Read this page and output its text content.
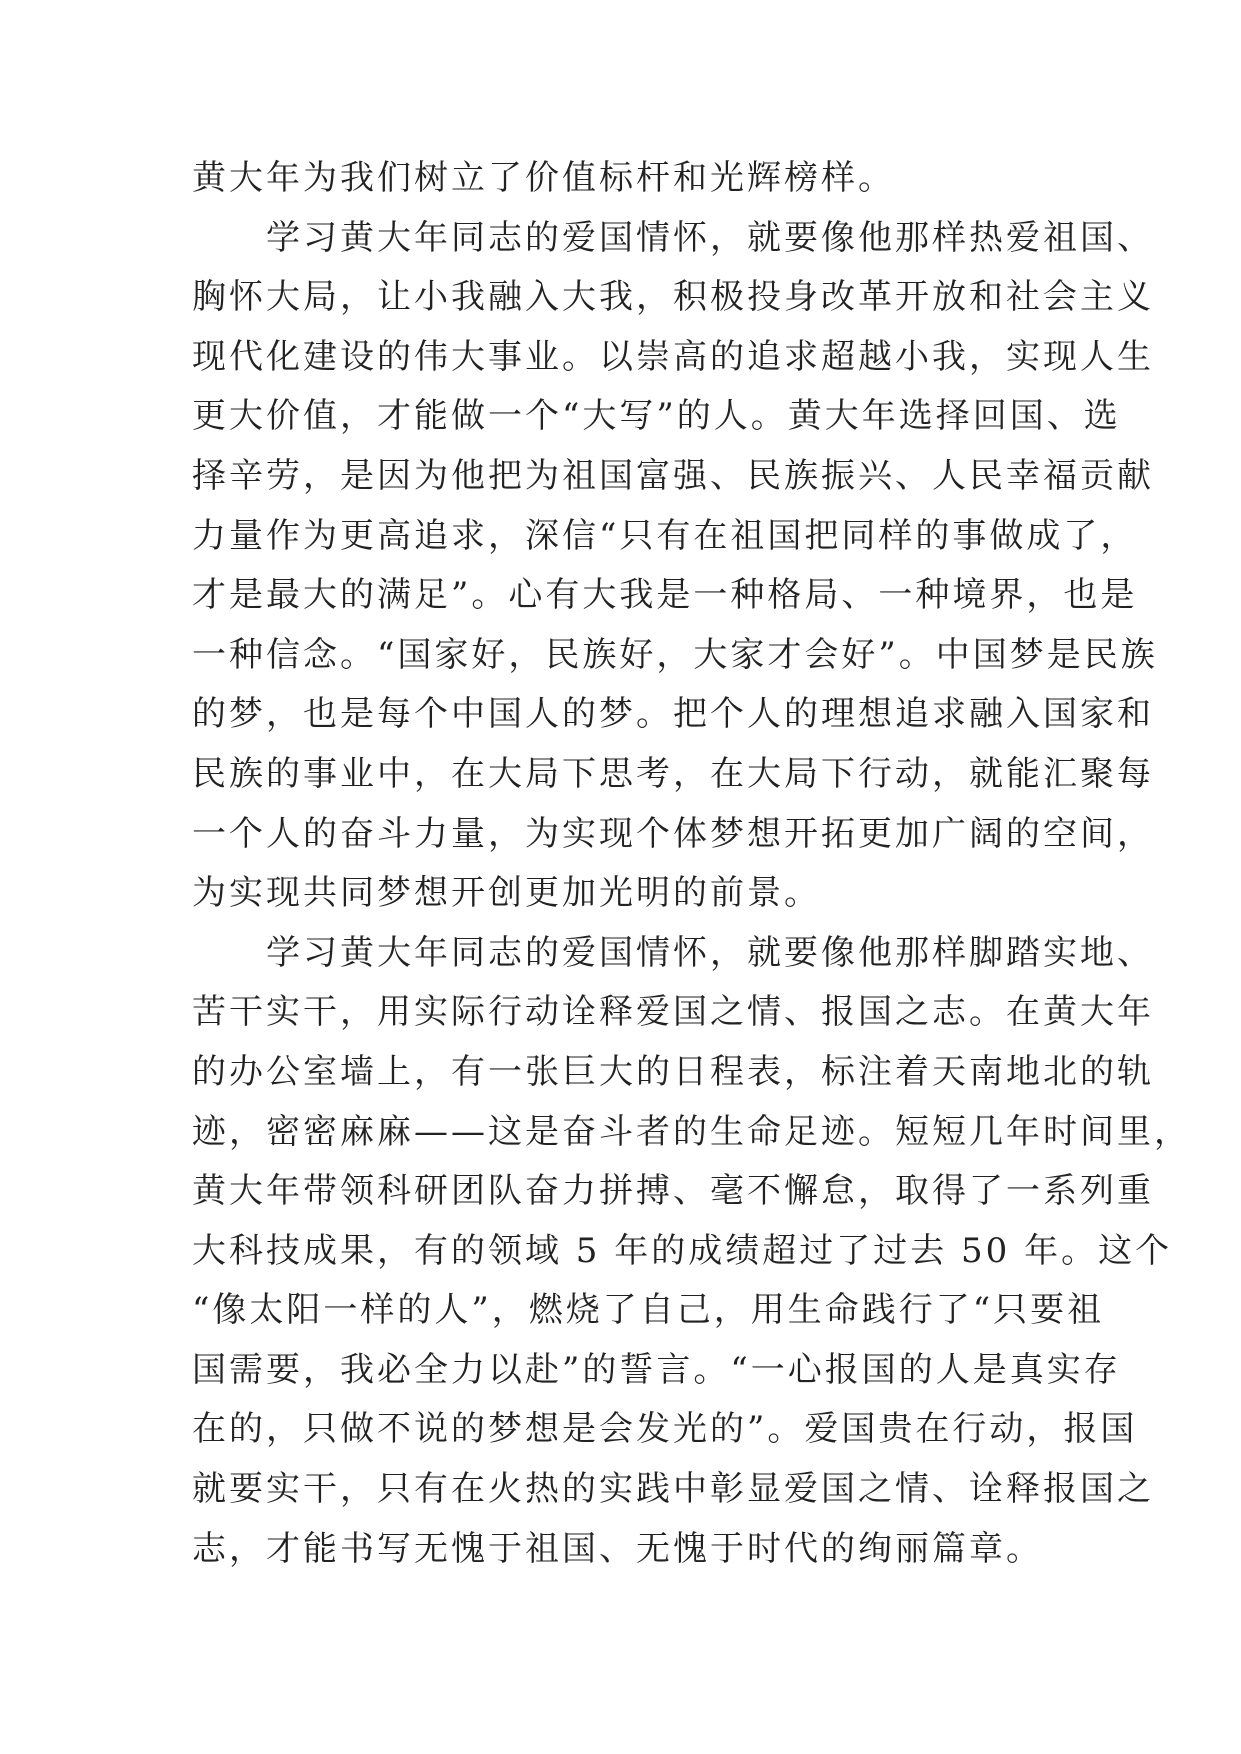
黄大年为我们树立了价值标杆和光辉榜样。
　　学习黄大年同志的爱国情怀，就要像他那样热爱祖国、
胸怀大局，让小我融入大我，积极投身改革开放和社会主义
现代化建设的伟大事业。以崇高的追求超越小我，实现人生
更大价值，才能做一个“大写”的人。黄大年选择回国、选
择辛劳，是因为他把为祖国富强、民族振兴、人民幸福贡献
力量作为更高追求，深信“只有在祖国把同样的事做成了，
才是最大的满足”。心有大我是一种格局、一种境界，也是
一种信念。“国家好，民族好，大家才会好”。中国梦是民族
的梦，也是每个中国人的梦。把个人的理想追求融入国家和
民族的事业中，在大局下思考，在大局下行动，就能汇聚每
一个人的奋斗力量，为实现个体梦想开拓更加广阔的空间，
为实现共同梦想开创更加光明的前景。
　　学习黄大年同志的爱国情怀，就要像他那样脚踏实地、
苦干实干，用实际行动诠释爱国之情、报国之志。在黄大年
的办公室墙上，有一张巨大的日程表，标注着天南地北的轨
迹，密密麻麻——这是奋斗者的生命足迹。短短几年时间里，
黄大年带领科研团队奋力拼搏、毫不懈怠，取得了一系列重
大科技成果，有的领域 5 年的成绩超过了过去 50 年。这个
“像太阳一样的人”，燃烧了自己，用生命践行了“只要祖
国需要，我必全力以赴”的誓言。“一心报国的人是真实存
在的，只做不说的梦想是会发光的”。爱国贵在行动，报国
就要实干，只有在火热的实践中彰显爱国之情、诠释报国之
志，才能书写无愧于祖国、无愧于时代的绚丽篇章。
